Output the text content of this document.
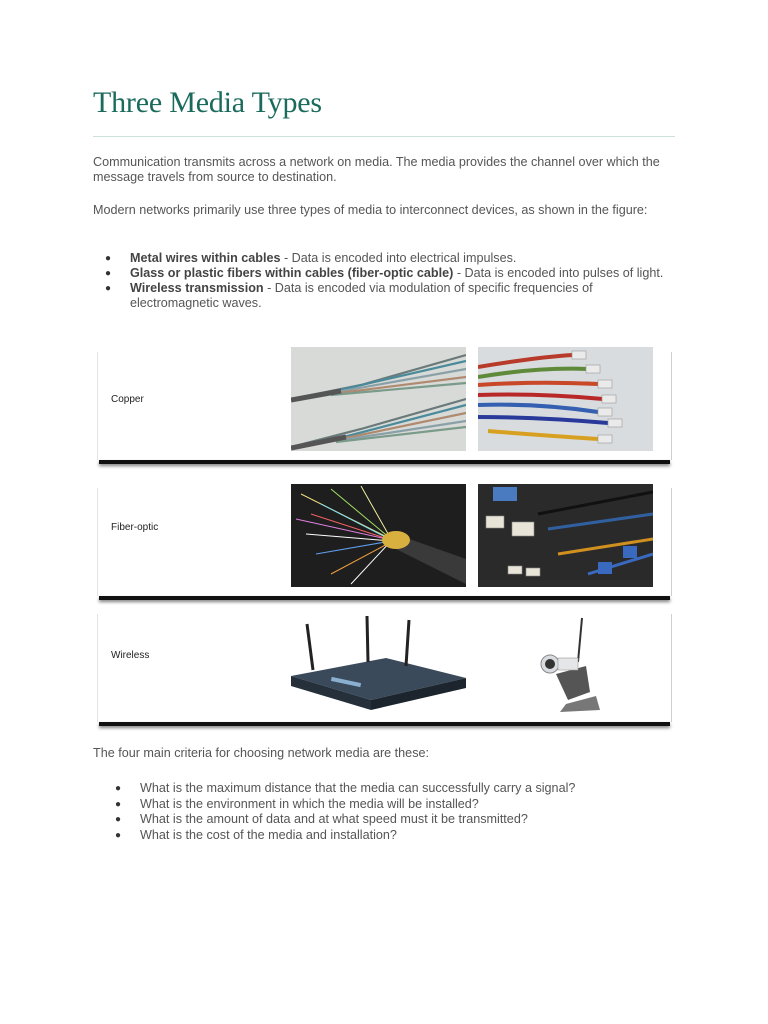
Three Media Types

Communication transmits across a network on media. The media provides the channel over which the message travels from source to destination.

Modern networks primarily use three types of media to interconnect devices, as shown in the figure:

● Metal wires within cables - Data is encoded into electrical impulses.
● Glass or plastic fibers within cables (fiber-optic cable) - Data is encoded into pulses of light.
● Wireless transmission - Data is encoded via modulation of specific frequencies of electromagnetic waves.
Copper
Fiber-optic
Wireless

The four main criteria for choosing network media are these:

● What is the maximum distance that the media can successfully carry a signal?
● What is the environment in which the media will be installed?
● What is the amount of data and at what speed must it be transmitted?
● What is the cost of the media and installation?
